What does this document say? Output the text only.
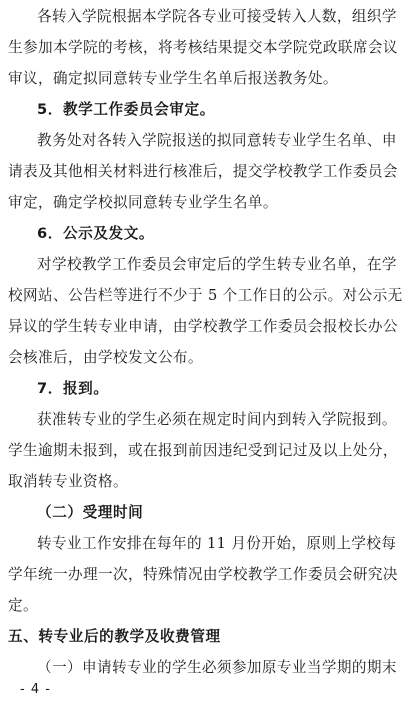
各转入学院根据本学院各专业可接受转入人数，组织学
生参加本学院的考核，将考核结果提交本学院党政联席会议
审议，确定拟同意转专业学生名单后报送教务处。
5．教学工作委员会审定。
教务处对各转入学院报送的拟同意转专业学生名单、申
请表及其他相关材料进行核准后，提交学校教学工作委员会
审定，确定学校拟同意转专业学生名单。
6．公示及发文。
对学校教学工作委员会审定后的学生转专业名单，在学
校网站、公告栏等进行不少于 5 个工作日的公示。对公示无
异议的学生转专业申请，由学校教学工作委员会报校长办公
会核准后，由学校发文公布。
7．报到。
获准转专业的学生必须在规定时间内到转入学院报到。
学生逾期未报到，或在报到前因违纪受到记过及以上处分，
取消转专业资格。
（二）受理时间
转专业工作安排在每年的 11 月份开始，原则上学校每
学年统一办理一次，特殊情况由学校教学工作委员会研究决
定。
五、转专业后的教学及收费管理
（一）申请转专业的学生必须参加原专业当学期的期末
- 4 -
